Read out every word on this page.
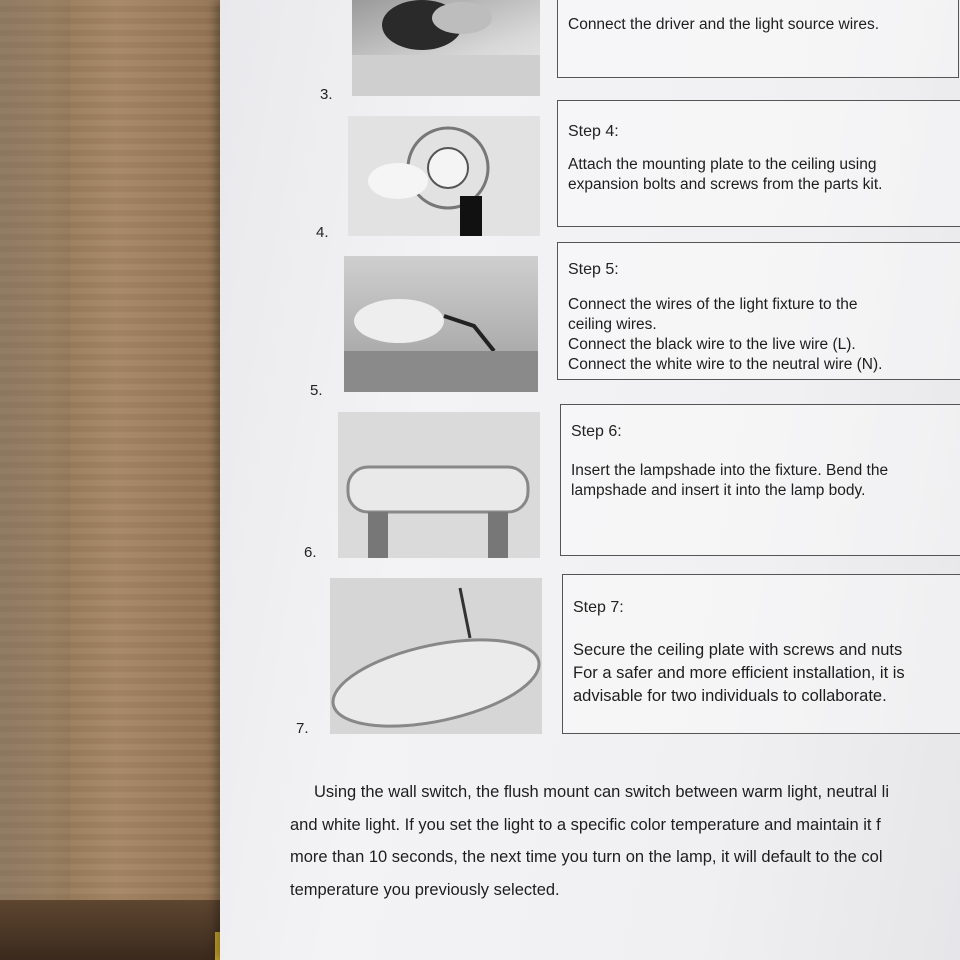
3.
Connect the driver and the light source wires.
4.
Step 4:
Attach the mounting plate to the ceiling using
expansion bolts and screws from the parts kit.
5.
Step 5:
Connect the wires of the light fixture to the
ceiling wires.
Connect the black wire to the live wire (L).
Connect the white wire to the neutral wire (N).
6.
Step 6:
Insert the lampshade into the fixture. Bend the
lampshade and insert it into the lamp body.
7.
Step 7:
Secure the ceiling plate with screws and nuts
For a safer and more efficient installation, it is
advisable for two individuals to collaborate.
Using the wall switch, the flush mount can switch between warm light, neutral li
and white light. If you set the light to a specific color temperature and maintain it f
more than 10 seconds, the next time you turn on the lamp, it will default to the col
temperature you previously selected.
